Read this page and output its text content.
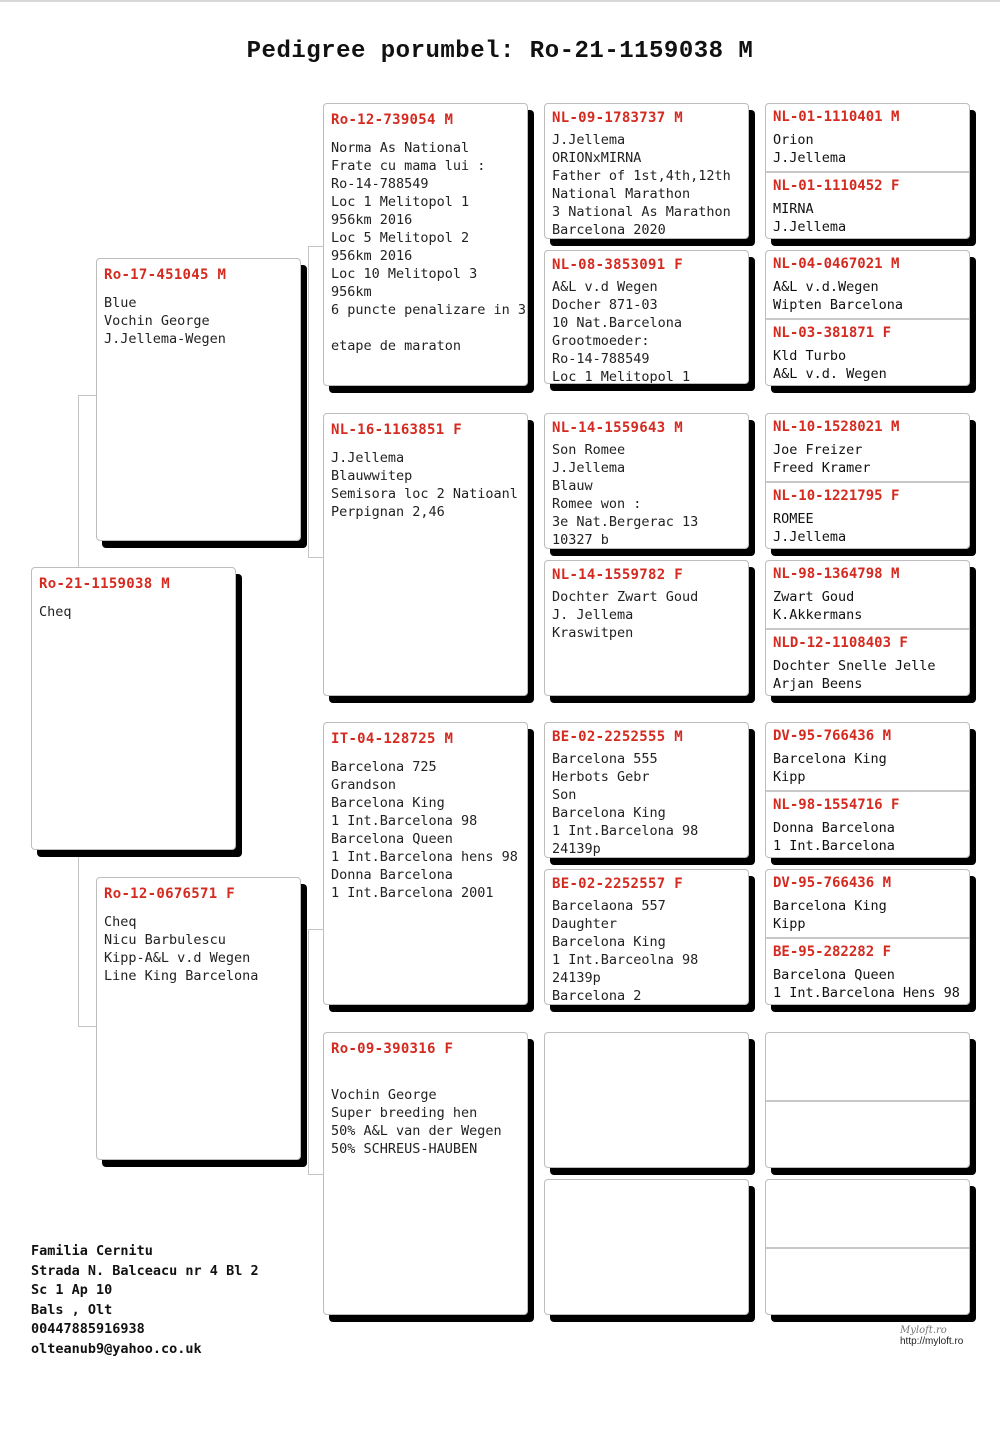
Pedigree porumbel: Ro-21-1159038 M
Ro-21-1159038 M
Cheq
Ro-17-451045 M
Blue
Vochin George
J.Jellema-Wegen
Ro-12-0676571 F
Cheq
Nicu Barbulescu
Kipp-A&L v.d Wegen
Line King Barcelona
Ro-12-739054 M
Norma As National
Frate cu mama lui :
Ro-14-788549
Loc 1 Melitopol 1
956km 2016
Loc 5 Melitopol 2
956km 2016
Loc 10 Melitopol 3
956km
6 puncte penalizare in 3

etape de maraton
NL-16-1163851 F
J.Jellema
Blauwwitep
Semisora loc 2 Natioanl
Perpignan 2,46
IT-04-128725 M
Barcelona 725
Grandson
Barcelona King
1 Int.Barcelona 98
Barcelona Queen
1 Int.Barcelona hens 98
Donna Barcelona
1 Int.Barcelona 2001
Ro-09-390316 F

Vochin George
Super breeding hen
50% A&L van der Wegen
50% SCHREUS-HAUBEN
NL-09-1783737 M
J.Jellema
ORIONxMIRNA
Father of 1st,4th,12th
National Marathon
3 National As Marathon
Barcelona 2020
NL-08-3853091 F
A&L v.d Wegen
Docher 871-03
10 Nat.Barcelona
Grootmoeder:
Ro-14-788549
Loc 1 Melitopol 1
NL-14-1559643 M
Son Romee
J.Jellema
Blauw
Romee won :
3e Nat.Bergerac 13
10327 b
NL-14-1559782 F
Dochter Zwart Goud
J. Jellema
Kraswitpen
BE-02-2252555 M
Barcelona 555
Herbots Gebr
Son
Barcelona King
1 Int.Barcelona 98
24139p
BE-02-2252557 F
Barcelaona 557
Daughter
Barcelona King
1 Int.Barceolna 98
24139p
Barcelona 2
NL-01-1110401 M
Orion
J.Jellema
NL-01-1110452 F
MIRNA
J.Jellema
NL-04-0467021 M
A&L v.d.Wegen
Wipten Barcelona
NL-03-381871 F
Kld Turbo
A&L v.d. Wegen
NL-10-1528021 M
Joe Freizer
Freed Kramer
NL-10-1221795 F
ROMEE
J.Jellema
NL-98-1364798 M
Zwart Goud
K.Akkermans
NLD-12-1108403 F
Dochter Snelle Jelle
Arjan Beens
DV-95-766436 M
Barcelona King
Kipp
NL-98-1554716 F
Donna Barcelona
1 Int.Barcelona
DV-95-766436 M
Barcelona King
Kipp
BE-95-282282 F
Barcelona Queen
1 Int.Barcelona Hens 98
Familia Cernitu
Strada N. Balceacu nr 4 Bl 2
Sc 1 Ap 10
Bals , Olt
00447885916938
olteanub9@yahoo.co.uk
Myloft.ro
http://myloft.ro
